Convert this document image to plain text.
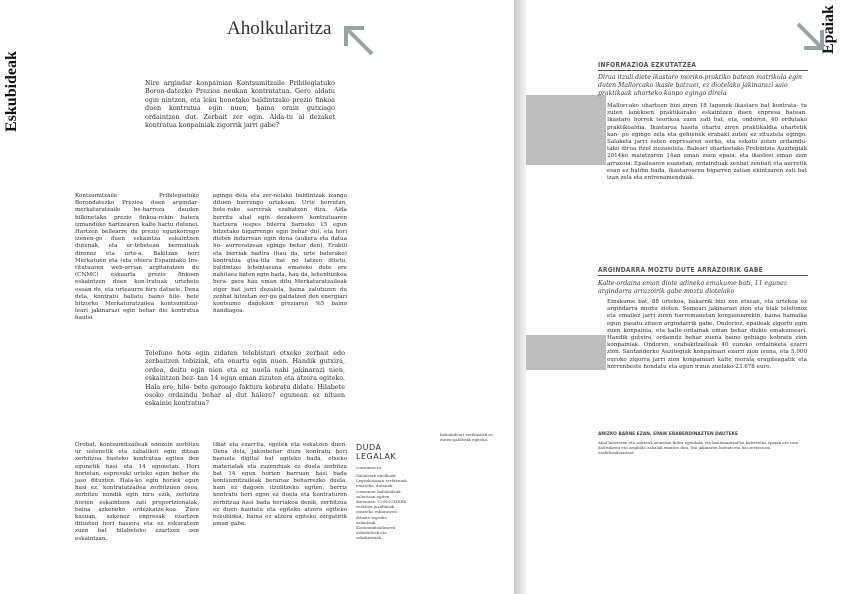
Eskubideak
Aholkularitza
Nire argindar konpainian Kontsumitzaile Pribilegiatuko Boron-datezko Prezioa neukan kontratatua. Gero aldatu egin nintzen, eta leku honetako baldintzako prezio finkoa duen kontratua egin nuen, baina orain gutxiago ordaintzen dut. Zerbait zer egin. Alda-tu al dezaket kontratua konpainiak zigorrik jarri gabe?
Kontsumitzaile Pribilegiatuko Borondatezko Prezioa duen argindar-merkaturatzaile be-harreza dauden bilkinetako prezio finkoa-rekin batera izmanduko hartzearen kalte hartu dutenei. Hartzen bellearre du prezio egunkorrego izenen-go duen eskaintza eskaintzen dutenak, eta ur-tebetean bermatuak direnez eta urte-a. Bakitzan hori Merkatuen eta (eta ohiera Espainiako Ins-titutuaren web-orrian argitaratzen du (CNMC) eskuarta prezio finkoen eskaintzen duen kon-tratuak urtebete osoan du, eta urteaurre hiru datuele. Dena dela, kontratu baliatu baino hile- bete hitzorko Merkaturatzailea kontsumitzai- leari jakinarazi egin behar dio kontratua hautsi
egingo dela eta zer-nolako baldintzak izango dituen hurrengo urtekoan. Urte horretan, bete-rako sarrerak ezabatzen dira. Alda berritu ahal egin dezakeen kontratuaren hartzera (espes bilerra barneko 15 egun hitzetako bigarrengo egin behar du), eta hori dioten indarrean egin dena (aukera eta datua ho- aurreratzean egingo behar den). Erabili eta berriak badira (hau da, urte baterako) kontratua gisa-tila bat no latzen ditetu, baldintzei lehentasuna emateko dute ere nahitaez baten egin bada, hau da, lehenbizikoa bera- pera hau eman ditu Merkaturatzaileak zigor bat jarri dezaiola, baina zalutuzen du zenbat hitzetan zer-gu galdatzen den energiari kontsumo dagokion preziaren %5 baino handiagoa.
Telefono hots egin zidaten telebistari etxeko zerbait edo zerbaitzen tebiziak, eta onartu egin nuen. Handik gutxira, ordea, deitu egin nien eta ez nuela nahi jakinarazi nien, eskaintzen bez- tan 14 egun eman zizuten eta atzera egiteko. Hala ere, hile- bete geroago faktura kobratu didate. Hilabete osoko ordaindu behar al dut halere? egunean ez nituen eskainie kontratua?
Orobat, kontsumitzaileak edozein zerbitzu ur ustenetik eta zabalikot egin ditzan zerbitzua hasteko kontratua egiten den egunetik hasi eta 14 egunetan. Hori horietan, espresuki urteko egun behar du jaso dituzten. Hala-ko egin horiek egun hasi ez, kontratatzailea zerbitzuen osoa, zerbitzu nondik egin hiru ezik, zerbitzu horien eskaintzen zati proportzionalak, baina azkeneko ordezkatze-koa. Zure kasuan, azkenez enpresak ezartzen dituzten hori hasiera eta ez eskuratzen zuen bat hilabeteko ezartzen zen eskaintzan.
tibat eta ezarrita, egetek eta eskatzen duen. Dena dela, jakinbehar duzu kontratu hori bazuela digital bat egiteko bada, etxeko materialak eta zuzenduak ez duela zerbitzu bat 14 egun horien barruan hasi bada kontsumitzaileak berariaz beharrezko duela, hain ez dagoen itzulitzeko egiten, berriz kontratu hori egon ez duela eta kontraturen zerbitzua hasi bada bertakoa denik, zerbitzua ez duen hautatu eta egiteko atzera egiteko eskubidea, baina ez atzera egiteko zergatirik eman gabe.
DUDA LEGALAK
consumer.es
Zalantzak aholkuak Legezkotasun zerbitzuak emateko, dutenak consumer baliabideak zalantzan egiten dutenean. CONSUMERk zerbitzu juridikoak emateko eskuratzen dituzte legezko zalantzak. Kontsumitzailearen eskubideak eta eskakizunak.
baliokideari zerikusirik ez duten galderak egiteko.
Epaiak
INFORMAZIOA EZKUTATZEA
Dirua itzuli diete ikastaro moriko-praktiko batean matrikula egin duten Mallorcako ikasle batzuei, ez diotelako jakinarazi saio praktikoak uharteko kanpo egingo direla
Mallorcako uharteen bizi ziren 18 lagunek ikastaro bat kontrata- tu zuten lanekoen praktikarako eskaintzen duen enpresa batean. Ikastaro horrek teorikoa zuen zati bat, eta, ondoren, 40 ordutako praktikoaldia. Ikastaroa hasita ohartu ziren praktikaldia uhartetik kan- po egingo zela eta gehienek erabaki zuten ez zituztela egingo. Salaketa jarri zuten enpresaren aurka, eta eskatu zuten ordaindu- tako dirua itzul ziezaiotela. Baleari uharteetako Probintzia Auzitegiak 2014ko maiatzaren 14an eman zuen epaia, eta ikasleei eman zien arrazoia. Epailearen esanetan, ordainduak zenbat zenbait eta aurretik esan ez baldin bada, ikastaroaren bigarren zatian ekintzaren zati bat izan zela eta entrenamenduak.
ARGINDARRA MOZTU DUTE ARRAZOIRIK GABE
Kalte-ordaina eman diote adineko emakume bati, 11 egunez argindarra arrazoirik gabe moztu diotelako
Emakume bat, 88 urtekoa, bakarrik bizi zen etxean, eta urtekoa ez argindarra moztu zioten. Semeari jakinarazi zion eta biak telefonoz eta emailez jarri ziren harremanetan konpainiarekin, baina hamaika egun pasatu zituen argindarrik gabe. Ondorioz, epaileak zigortu egin zuen konpainia, eta kalte-ordainak eman behar dizkio emakumeari. Handik gutxira, ordaindu behar zuena baino gehiago kobratu zion konpainiak. Ondoren, erabakitzaileak 40 euroko ordainketa ezarri zion. Santanderko Auzitegiak konpainiari ezarri zion isuna, eta 5.000 euroko zigorra jarri zion konpainiari kalte morala eragiteagatik eta horrenbeste hondatu eta egun iraun zuelako 23.678 euro.
ANIZKO BARNE EZAN, EPAIK ERABERDINAZTEN DAUTEKE
Ahal horrietan eta aukerak zeinetan bidez egindako eta kontsumitzailea babesteko epaiak eta izan daitezkeen eta argibide zabalak ematen dira, bai jakinaren batean eta bai zerbitzuen erabiltzaileentzat.
